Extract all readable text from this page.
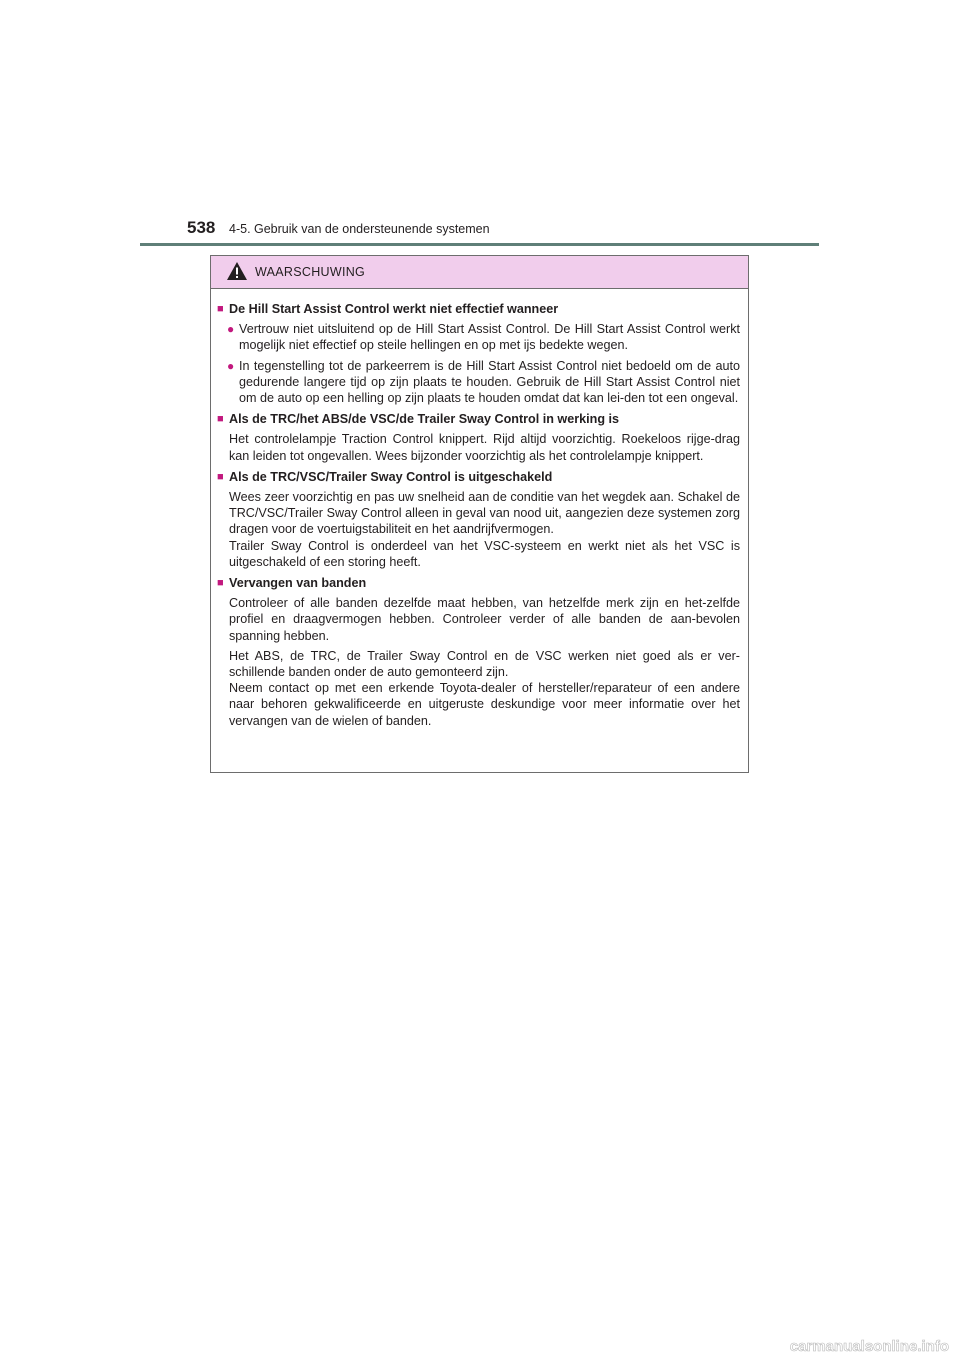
538 4-5. Gebruik van de ondersteunende systemen
WAARSCHUWING
■ De Hill Start Assist Control werkt niet effectief wanneer
● Vertrouw niet uitsluitend op de Hill Start Assist Control. De Hill Start Assist Control werkt mogelijk niet effectief op steile hellingen en op met ijs bedekte wegen.
● In tegenstelling tot de parkeerrem is de Hill Start Assist Control niet bedoeld om de auto gedurende langere tijd op zijn plaats te houden. Gebruik de Hill Start Assist Control niet om de auto op een helling op zijn plaats te houden omdat dat kan lei-den tot een ongeval.
■ Als de TRC/het ABS/de VSC/de Trailer Sway Control in werking is
Het controlelampje Traction Control knippert. Rijd altijd voorzichtig. Roekeloos rijge-drag kan leiden tot ongevallen. Wees bijzonder voorzichtig als het controlelampje knippert.
■ Als de TRC/VSC/Trailer Sway Control is uitgeschakeld
Wees zeer voorzichtig en pas uw snelheid aan de conditie van het wegdek aan. Schakel de TRC/VSC/Trailer Sway Control alleen in geval van nood uit, aangezien deze systemen zorg dragen voor de voertuigstabiliteit en het aandrijfvermogen.
Trailer Sway Control is onderdeel van het VSC-systeem en werkt niet als het VSC is uitgeschakeld of een storing heeft.
■ Vervangen van banden
Controleer of alle banden dezelfde maat hebben, van hetzelfde merk zijn en het-zelfde profiel en draagvermogen hebben. Controleer verder of alle banden de aan-bevolen spanning hebben.
Het ABS, de TRC, de Trailer Sway Control en de VSC werken niet goed als er ver-schillende banden onder de auto gemonteerd zijn.
Neem contact op met een erkende Toyota-dealer of hersteller/reparateur of een andere naar behoren gekwalificeerde en uitgeruste deskundige voor meer informatie over het vervangen van de wielen of banden.
carmanualsonline.info
